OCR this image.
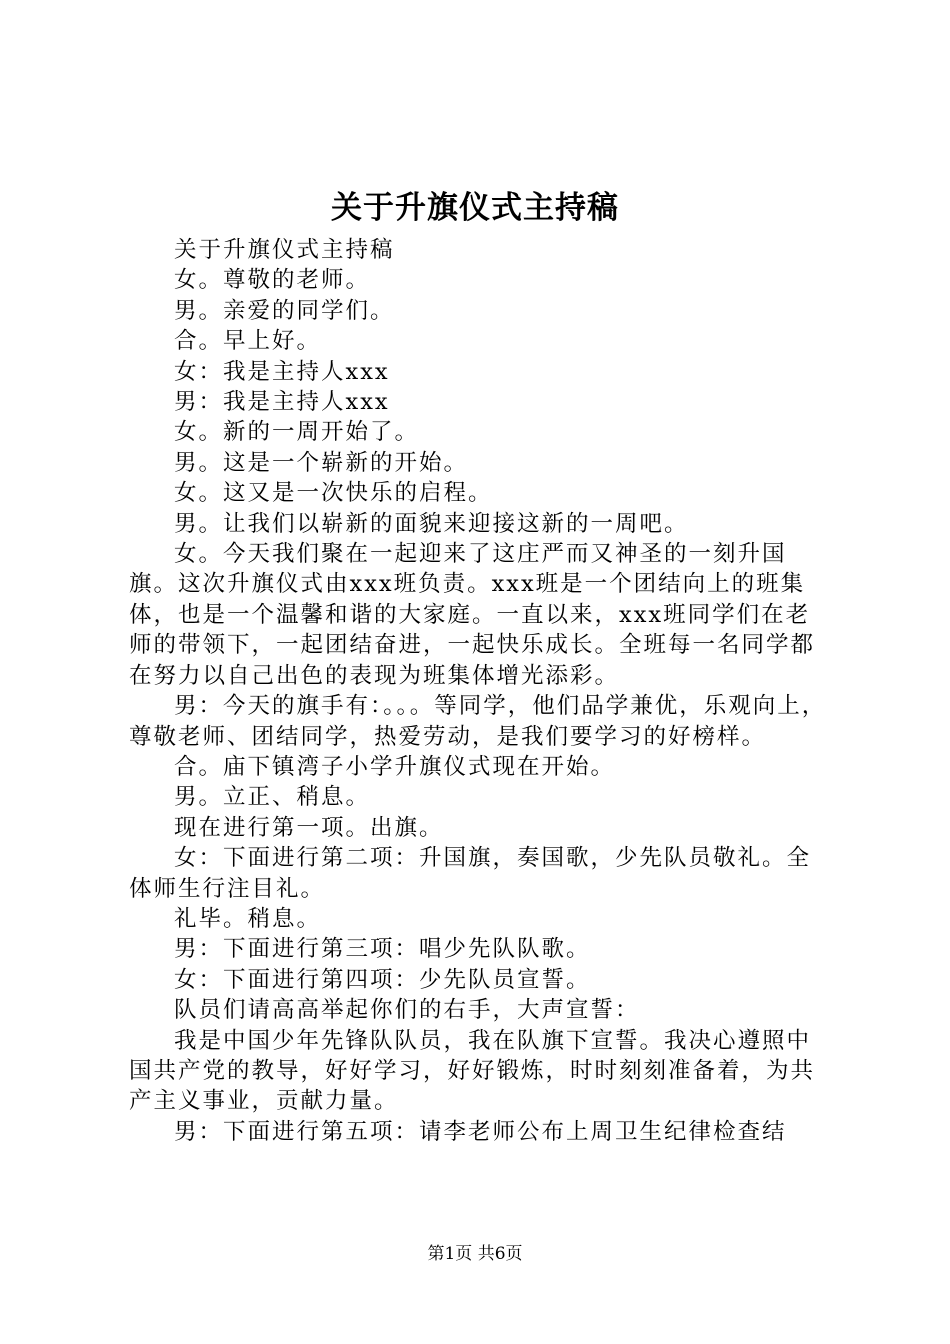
关于升旗仪式主持稿

关于升旗仪式主持稿

女。尊敬的老师。

男。亲爱的同学们。

合。早上好。

女：我是主持人xxx

男：我是主持人xxx

女。新的一周开始了。

男。这是一个崭新的开始。

女。这又是一次快乐的启程。

男。让我们以崭新的面貌来迎接这新的一周吧。

女。今天我们聚在一起迎来了这庄严而又神圣的一刻升国旗。这次升旗仪式由xxx班负责。xxx班是一个团结向上的班集体，也是一个温馨和谐的大家庭。一直以来，xxx班同学们在老师的带领下，一起团结奋进，一起快乐成长。全班每一名同学都在努力以自己出色的表现为班集体增光添彩。

男：今天的旗手有：。。。等同学，他们品学兼优，乐观向上，尊敬老师、团结同学，热爱劳动，是我们要学习的好榜样。

合。庙下镇湾子小学升旗仪式现在开始。

男。立正、稍息。

现在进行第一项。出旗。

女：下面进行第二项：升国旗，奏国歌，少先队员敬礼。全体师生行注目礼。

礼毕。稍息。

男：下面进行第三项：唱少先队队歌。

女：下面进行第四项：少先队员宣誓。

队员们请高高举起你们的右手，大声宣誓：

我是中国少年先锋队队员，我在队旗下宣誓。我决心遵照中国共产党的教导，好好学习，好好锻炼，时时刻刻准备着，为共产主义事业，贡献力量。

男：下面进行第五项：请李老师公布上周卫生纪律检查结

第1页 共6页
